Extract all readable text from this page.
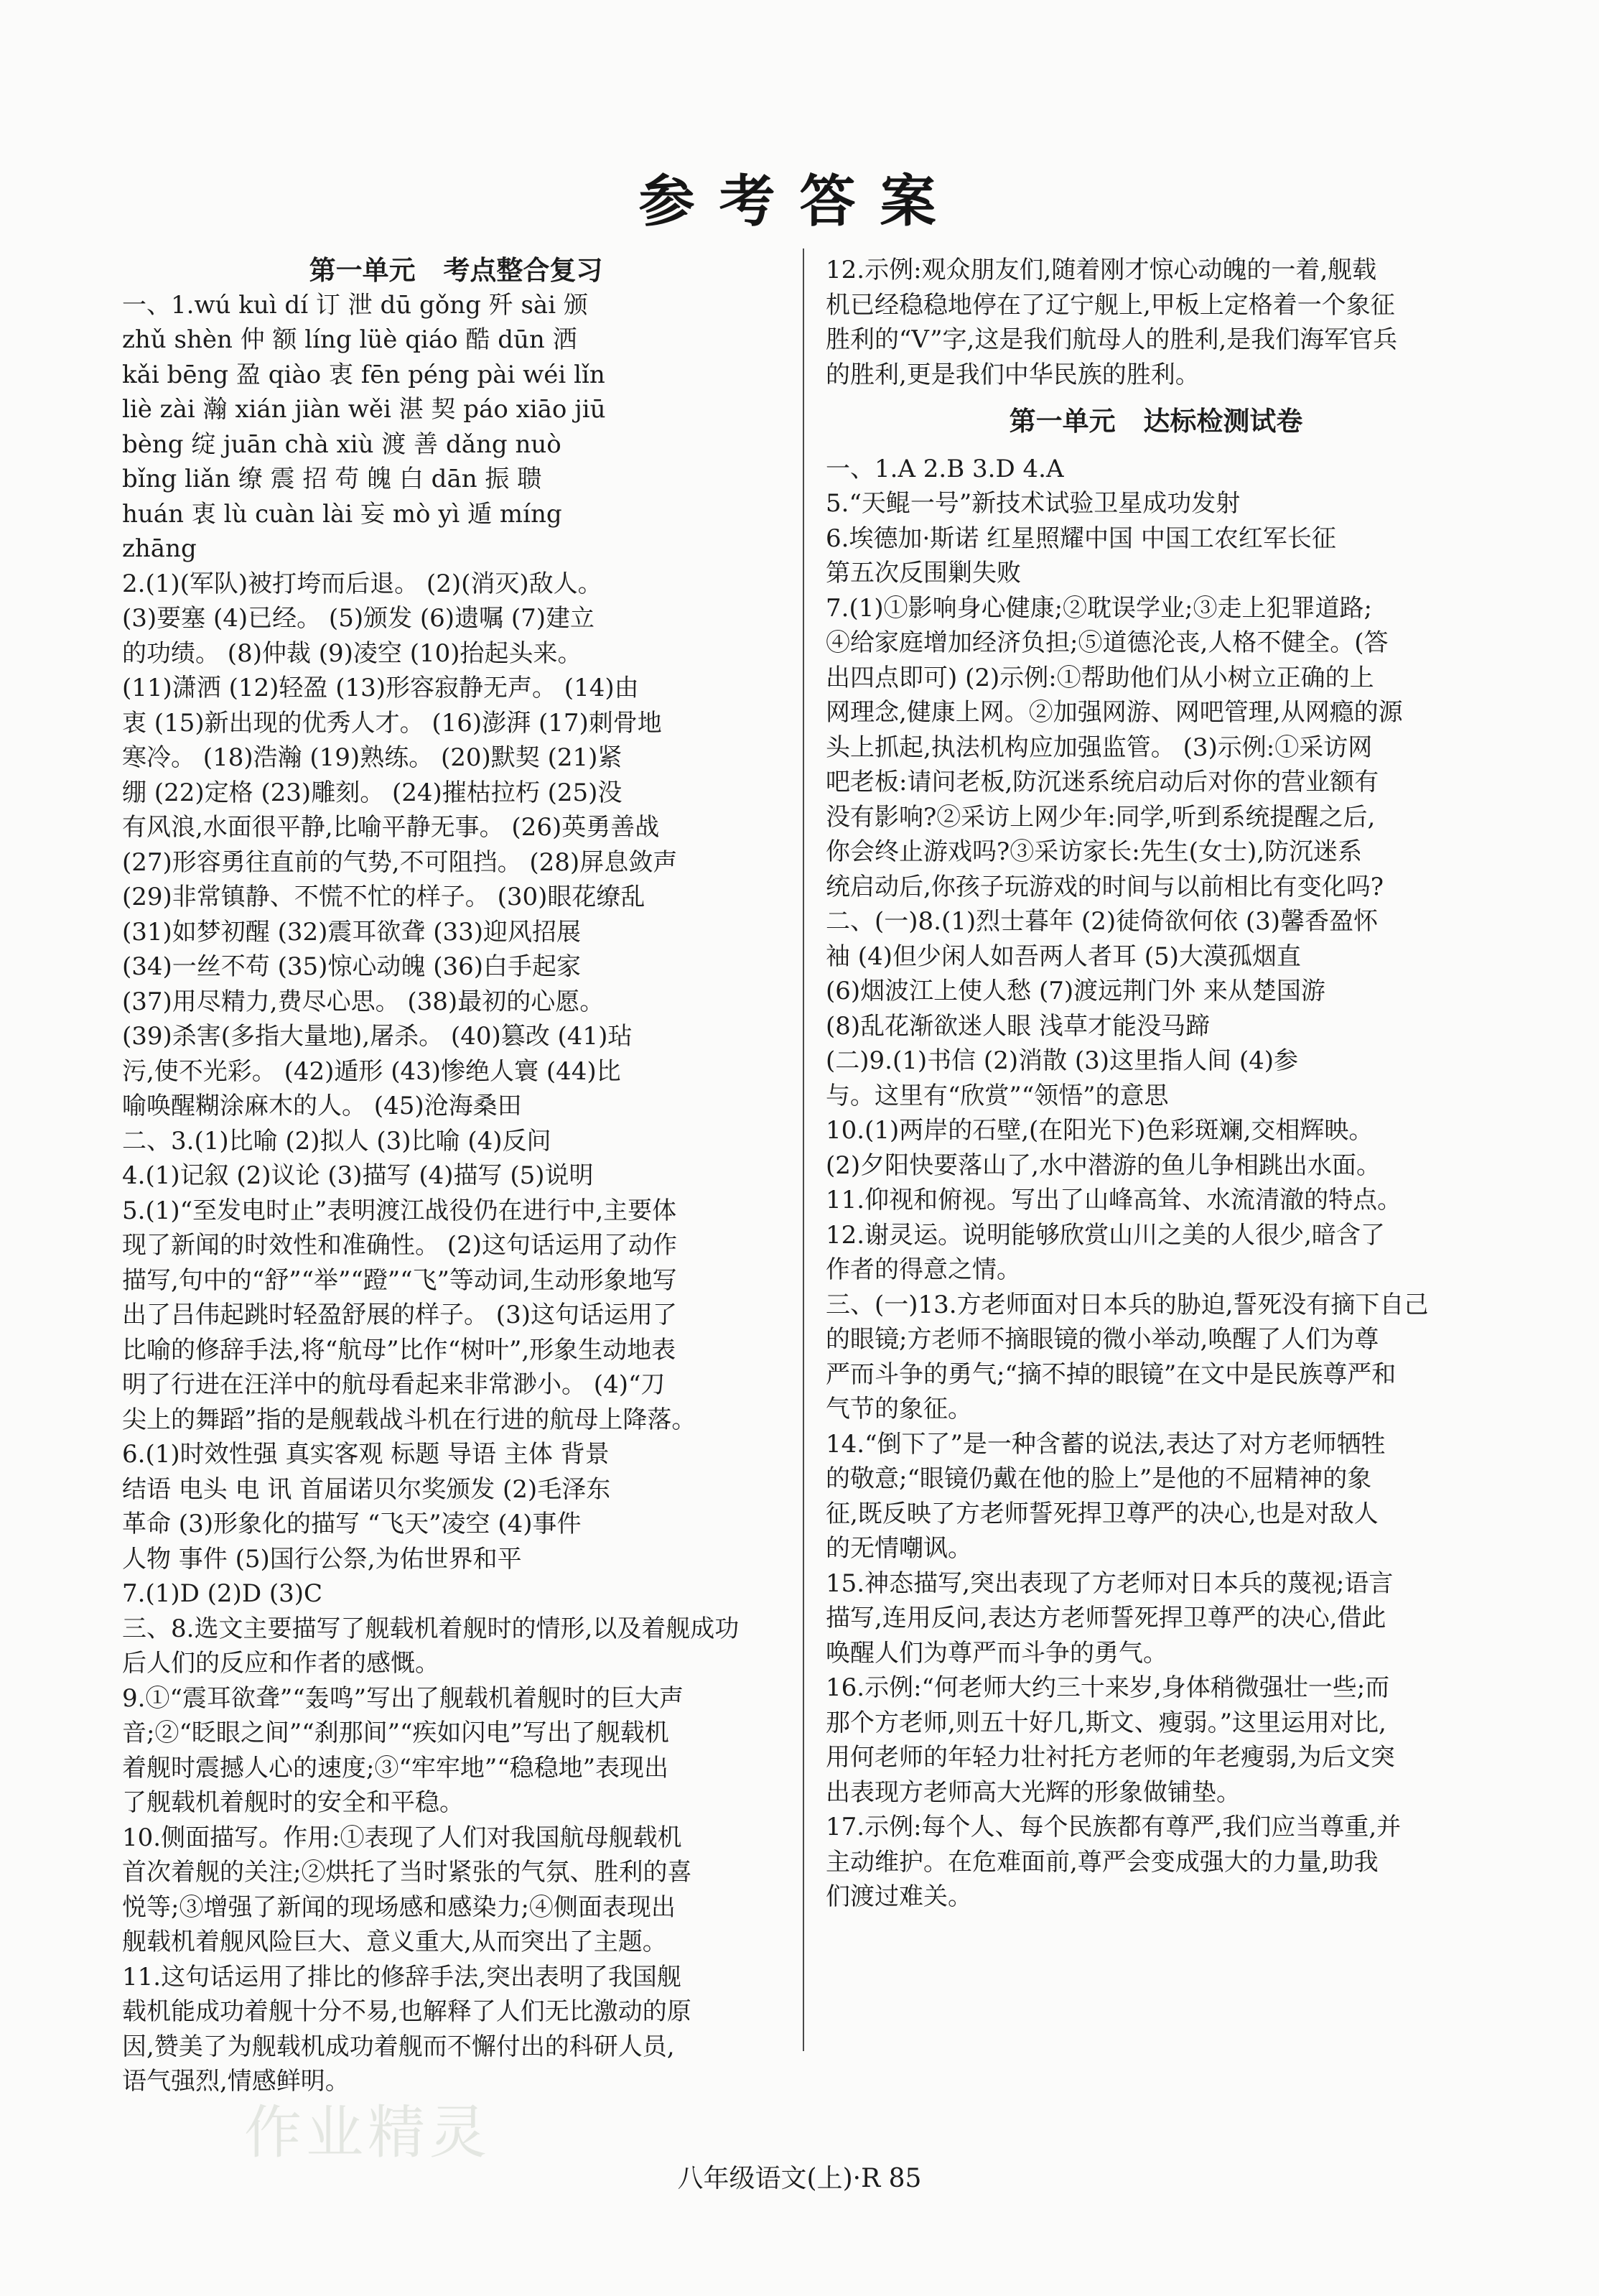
参考答案
第一单元   考点整合复习
一、1.wú kuì dí 订 泄 dū gǒng 歼 sài 颁
zhǔ shèn 仲 额 líng lüè qiáo 酷 dūn 洒
kǎi bēng 盈 qiào 衷 fēn péng pài wéi lǐn
liè zài 瀚 xián jiàn wěi 湛 契 páo xiāo jiū
bèng 绽 juān chà xiù 渡 善 dǎng nuò
bǐng liǎn 缭 震 招 苟 魄 白 dān 振 聩
huán 衷 lù cuàn lài 妄 mò yì 遁 míng
zhāng
2.(1)(军队)被打垮而后退。 (2)(消灭)敌人。
(3)要塞 (4)已经。 (5)颁发 (6)遗嘱 (7)建立
的功绩。 (8)仲裁 (9)凌空 (10)抬起头来。
(11)潇洒 (12)轻盈 (13)形容寂静无声。 (14)由
衷 (15)新出现的优秀人才。 (16)澎湃 (17)刺骨地
寒冷。 (18)浩瀚 (19)熟练。 (20)默契 (21)紧
绷 (22)定格 (23)雕刻。 (24)摧枯拉朽 (25)没
有风浪,水面很平静,比喻平静无事。 (26)英勇善战
(27)形容勇往直前的气势,不可阻挡。 (28)屏息敛声
(29)非常镇静、不慌不忙的样子。 (30)眼花缭乱
(31)如梦初醒 (32)震耳欲聋 (33)迎风招展
(34)一丝不苟 (35)惊心动魄 (36)白手起家
(37)用尽精力,费尽心思。 (38)最初的心愿。
(39)杀害(多指大量地),屠杀。 (40)篡改 (41)玷
污,使不光彩。 (42)遁形 (43)惨绝人寰 (44)比
喻唤醒糊涂麻木的人。 (45)沧海桑田
二、3.(1)比喻 (2)拟人 (3)比喻 (4)反问
4.(1)记叙 (2)议论 (3)描写 (4)描写 (5)说明
5.(1)“至发电时止”表明渡江战役仍在进行中,主要体
现了新闻的时效性和准确性。 (2)这句话运用了动作
描写,句中的“舒”“举”“蹬”“飞”等动词,生动形象地写
出了吕伟起跳时轻盈舒展的样子。 (3)这句话运用了
比喻的修辞手法,将“航母”比作“树叶”,形象生动地表
明了行进在汪洋中的航母看起来非常渺小。 (4)“刀
尖上的舞蹈”指的是舰载战斗机在行进的航母上降落。
6.(1)时效性强 真实客观 标题 导语 主体 背景
结语 电头 电 讯 首届诺贝尔奖颁发 (2)毛泽东
革命 (3)形象化的描写 “飞天”凌空 (4)事件
人物 事件 (5)国行公祭,为佑世界和平
7.(1)D (2)D (3)C
三、8.选文主要描写了舰载机着舰时的情形,以及着舰成功
后人们的反应和作者的感慨。
9.①“震耳欲聋”“轰鸣”写出了舰载机着舰时的巨大声
音;②“眨眼之间”“刹那间”“疾如闪电”写出了舰载机
着舰时震撼人心的速度;③“牢牢地”“稳稳地”表现出
了舰载机着舰时的安全和平稳。
10.侧面描写。作用:①表现了人们对我国航母舰载机
首次着舰的关注;②烘托了当时紧张的气氛、胜利的喜
悦等;③增强了新闻的现场感和感染力;④侧面表现出
舰载机着舰风险巨大、意义重大,从而突出了主题。
11.这句话运用了排比的修辞手法,突出表明了我国舰
载机能成功着舰十分不易,也解释了人们无比激动的原
因,赞美了为舰载机成功着舰而不懈付出的科研人员,
语气强烈,情感鲜明。
12.示例:观众朋友们,随着刚才惊心动魄的一着,舰载
机已经稳稳地停在了辽宁舰上,甲板上定格着一个象征
胜利的“V”字,这是我们航母人的胜利,是我们海军官兵
的胜利,更是我们中华民族的胜利。
第一单元   达标检测试卷
一、1.A 2.B 3.D 4.A
5.“天鲲一号”新技术试验卫星成功发射
6.埃德加·斯诺 红星照耀中国 中国工农红军长征
第五次反围剿失败
7.(1)①影响身心健康;②耽误学业;③走上犯罪道路;
④给家庭增加经济负担;⑤道德沦丧,人格不健全。(答
出四点即可) (2)示例:①帮助他们从小树立正确的上
网理念,健康上网。②加强网游、网吧管理,从网瘾的源
头上抓起,执法机构应加强监管。 (3)示例:①采访网
吧老板:请问老板,防沉迷系统启动后对你的营业额有
没有影响?②采访上网少年:同学,听到系统提醒之后,
你会终止游戏吗?③采访家长:先生(女士),防沉迷系
统启动后,你孩子玩游戏的时间与以前相比有变化吗?
二、(一)8.(1)烈士暮年 (2)徒倚欲何依 (3)馨香盈怀
袖 (4)但少闲人如吾两人者耳 (5)大漠孤烟直
(6)烟波江上使人愁 (7)渡远荆门外 来从楚国游
(8)乱花渐欲迷人眼 浅草才能没马蹄
(二)9.(1)书信 (2)消散 (3)这里指人间 (4)参
与。这里有“欣赏”“领悟”的意思
10.(1)两岸的石壁,(在阳光下)色彩斑斓,交相辉映。
(2)夕阳快要落山了,水中潜游的鱼儿争相跳出水面。
11.仰视和俯视。写出了山峰高耸、水流清澈的特点。
12.谢灵运。说明能够欣赏山川之美的人很少,暗含了
作者的得意之情。
三、(一)13.方老师面对日本兵的胁迫,誓死没有摘下自己
的眼镜;方老师不摘眼镜的微小举动,唤醒了人们为尊
严而斗争的勇气;“摘不掉的眼镜”在文中是民族尊严和
气节的象征。
14.“倒下了”是一种含蓄的说法,表达了对方老师牺牲
的敬意;“眼镜仍戴在他的脸上”是他的不屈精神的象
征,既反映了方老师誓死捍卫尊严的决心,也是对敌人
的无情嘲讽。
15.神态描写,突出表现了方老师对日本兵的蔑视;语言
描写,连用反问,表达方老师誓死捍卫尊严的决心,借此
唤醒人们为尊严而斗争的勇气。
16.示例:“何老师大约三十来岁,身体稍微强壮一些;而
那个方老师,则五十好几,斯文、瘦弱。”这里运用对比,
用何老师的年轻力壮衬托方老师的年老瘦弱,为后文突
出表现方老师高大光辉的形象做铺垫。
17.示例:每个人、每个民族都有尊严,我们应当尊重,并
主动维护。在危难面前,尊严会变成强大的力量,助我
们渡过难关。
作业精灵
八年级语文(上)·R 85
